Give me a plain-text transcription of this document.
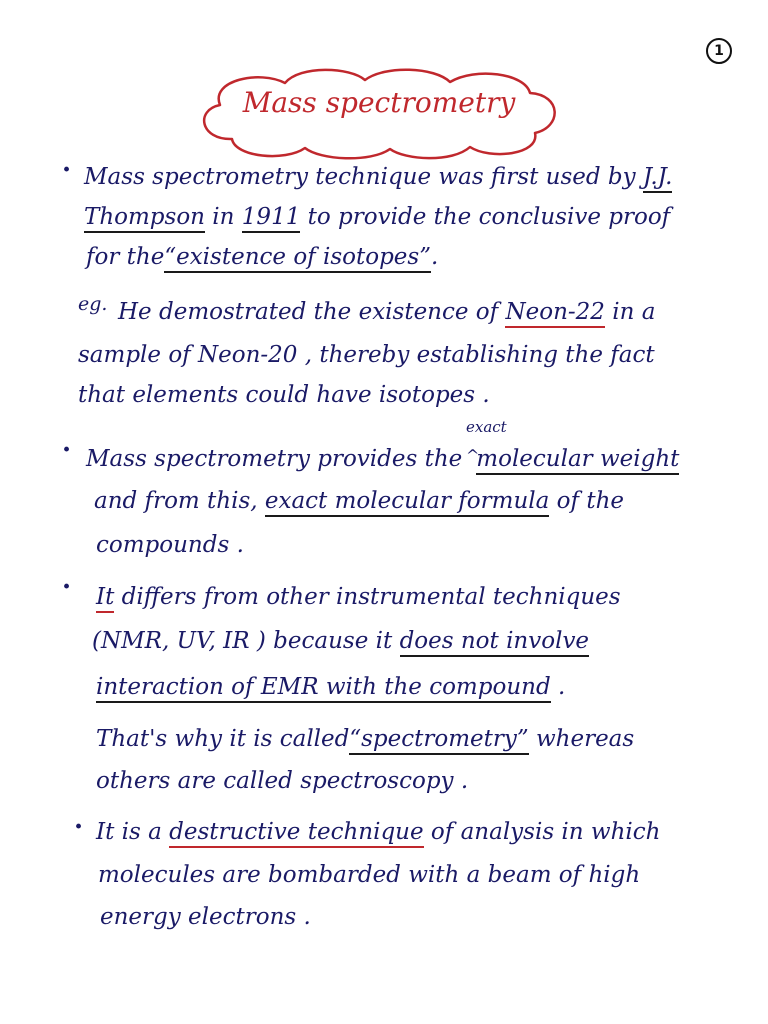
1
Mass spectrometry
· Mass spectrometry technique was first used by J.J.
Thompson in 1911 to provide the conclusive proof
for the“existence of isotopes”.
eg. He demostrated the existence of Neon-22 in a
sample of Neon-20 , thereby establishing the fact
that elements could have isotopes .
exact
^
· Mass spectrometry provides the molecular weight
and from this, exact molecular formula of the
compounds .
· It differs from other instrumental techniques
(NMR, UV, IR ) because it does not involve
interaction of EMR with the compound .
That's why it is called“spectrometry” whereas
others are called spectroscopy .
· It is a destructive technique of analysis in which
molecules are bombarded with a beam of high
energy electrons .
